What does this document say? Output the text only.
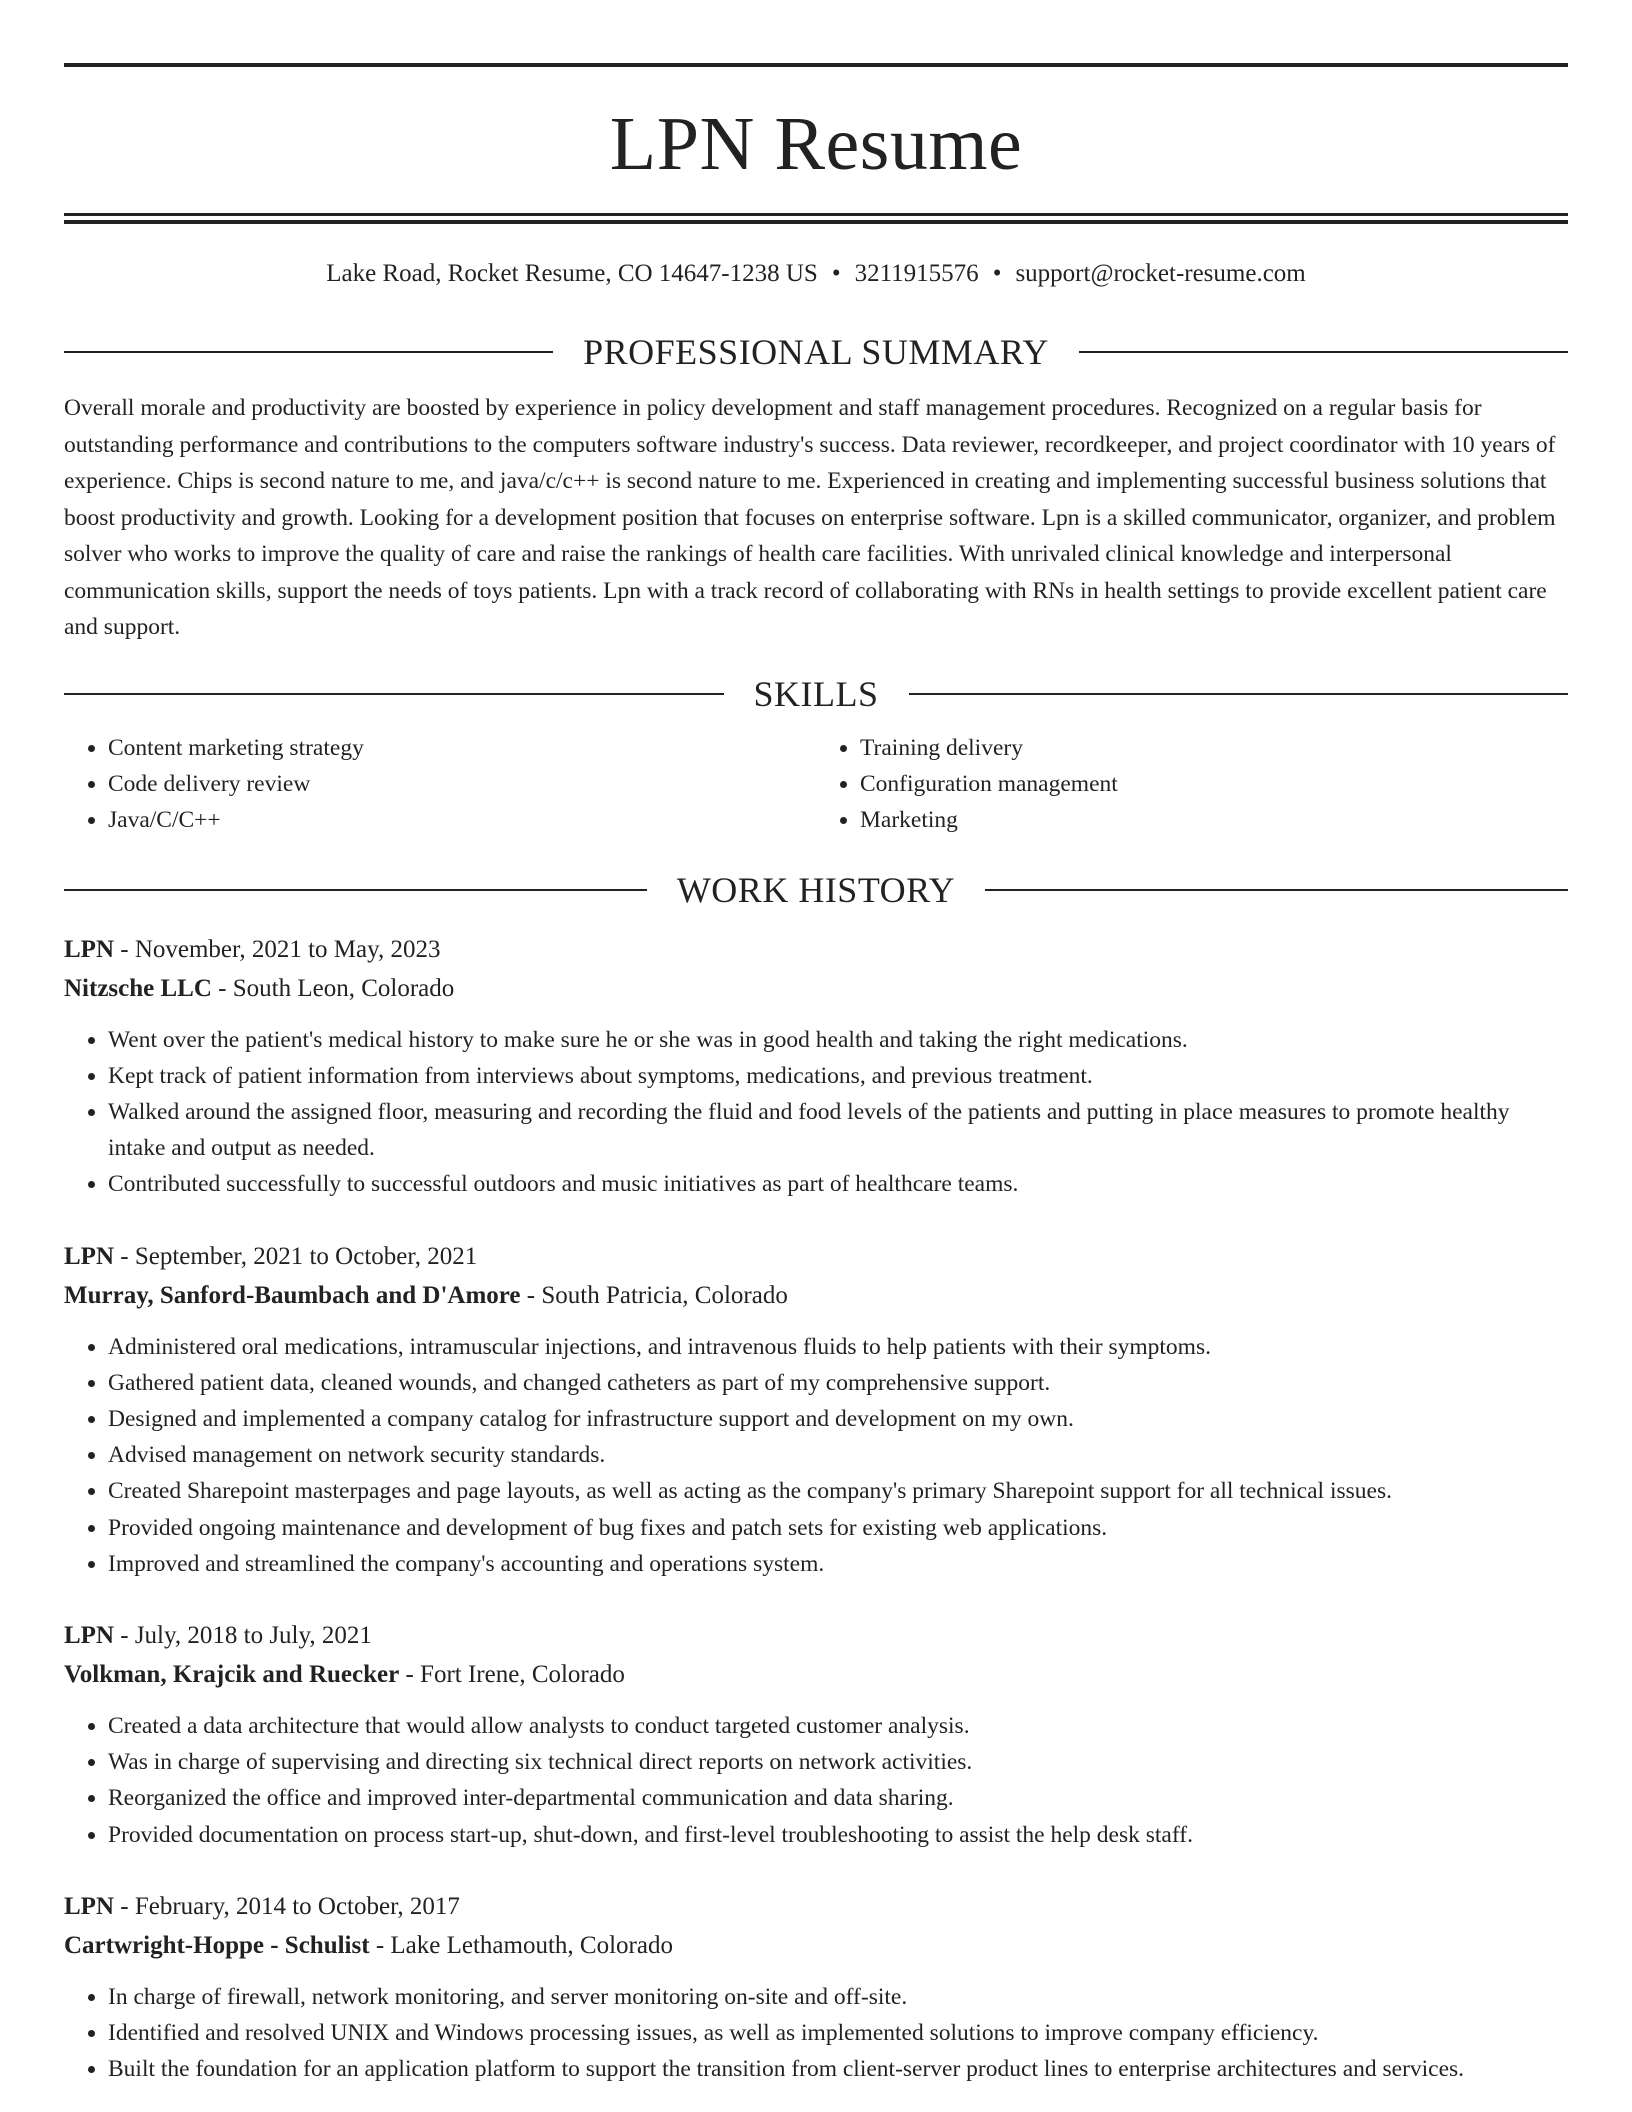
LPN Resume
Lake Road, Rocket Resume, CO 14647-1238 US • 3211915576 • support@rocket-resume.com
PROFESSIONAL SUMMARY

Overall morale and productivity are boosted by experience in policy development and staff management procedures. Recognized on a regular basis for outstanding performance and contributions to the computers software industry's success. Data reviewer, recordkeeper, and project coordinator with 10 years of experience. Chips is second nature to me, and java/c/c++ is second nature to me. Experienced in creating and implementing successful business solutions that boost productivity and growth. Looking for a development position that focuses on enterprise software. Lpn is a skilled communicator, organizer, and problem solver who works to improve the quality of care and raise the rankings of health care facilities. With unrivaled clinical knowledge and interpersonal communication skills, support the needs of toys patients. Lpn with a track record of collaborating with RNs in health settings to provide excellent patient care and support.

SKILLS
• Content marketing strategy
• Code delivery review
• Java/C/C++
• Training delivery
• Configuration management
• Marketing
WORK HISTORY
LPN - November, 2021 to May, 2023
Nitzsche LLC - South Leon, Colorado
• Went over the patient's medical history to make sure he or she was in good health and taking the right medications.
• Kept track of patient information from interviews about symptoms, medications, and previous treatment.
• Walked around the assigned floor, measuring and recording the fluid and food levels of the patients and putting in place measures to promote healthy intake and output as needed.
• Contributed successfully to successful outdoors and music initiatives as part of healthcare teams.
LPN - September, 2021 to October, 2021
Murray, Sanford-Baumbach and D'Amore - South Patricia, Colorado
• Administered oral medications, intramuscular injections, and intravenous fluids to help patients with their symptoms.
• Gathered patient data, cleaned wounds, and changed catheters as part of my comprehensive support.
• Designed and implemented a company catalog for infrastructure support and development on my own.
• Advised management on network security standards.
• Created Sharepoint masterpages and page layouts, as well as acting as the company's primary Sharepoint support for all technical issues.
• Provided ongoing maintenance and development of bug fixes and patch sets for existing web applications.
• Improved and streamlined the company's accounting and operations system.
LPN - July, 2018 to July, 2021
Volkman, Krajcik and Ruecker - Fort Irene, Colorado
• Created a data architecture that would allow analysts to conduct targeted customer analysis.
• Was in charge of supervising and directing six technical direct reports on network activities.
• Reorganized the office and improved inter-departmental communication and data sharing.
• Provided documentation on process start-up, shut-down, and first-level troubleshooting to assist the help desk staff.
LPN - February, 2014 to October, 2017
Cartwright-Hoppe - Schulist - Lake Lethamouth, Colorado
• In charge of firewall, network monitoring, and server monitoring on-site and off-site.
• Identified and resolved UNIX and Windows processing issues, as well as implemented solutions to improve company efficiency.
• Built the foundation for an application platform to support the transition from client-server product lines to enterprise architectures and services.
